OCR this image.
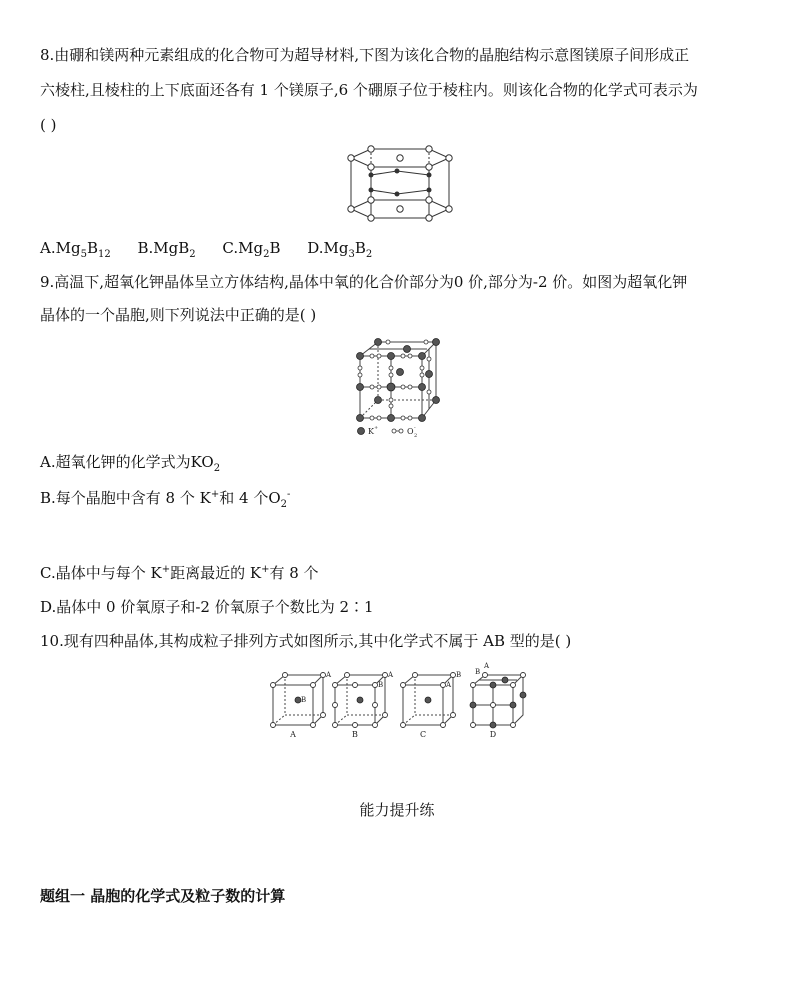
8.由硼和镁两种元素组成的化合物可为超导材料,下图为该化合物的晶胞结构示意图镁原子间形成正
六棱柱,且棱柱的上下底面还各有 1 个镁原子,6 个硼原子位于棱柱内。则该化合物的化学式可表示为
( )
$A.Mg_5B_{12}$ B.MgB$_2$ $C.Mg_2B$ $D.Mg_3B_2$
9.高温下,超氧化钾晶体呈立方体结构,晶体中氧的化合价部分为0 价,部分为-2 价。如图为超氧化钾
晶体的一个晶胞,则下列说法中正确的是( )
K +	O 2
-
A.超氧化钾的化学式为$KO_2$
B.每个晶胞中含有 8 个 K+和 4 个$O_2^-$
C.晶体中与每个 K+距离最近的 K+有 8 个
D.晶体中 0 价氧原子和-2 价氧原子个数比为 2∶1
10.现有四种晶体,其构成粒子排列方式如图所示,其中化学式不属于 AB 型的是( )
A
B
A
B
B
A
A
B
A	B	C	D
能力提升练
题组一 晶胞的化学式及粒子数的计算
